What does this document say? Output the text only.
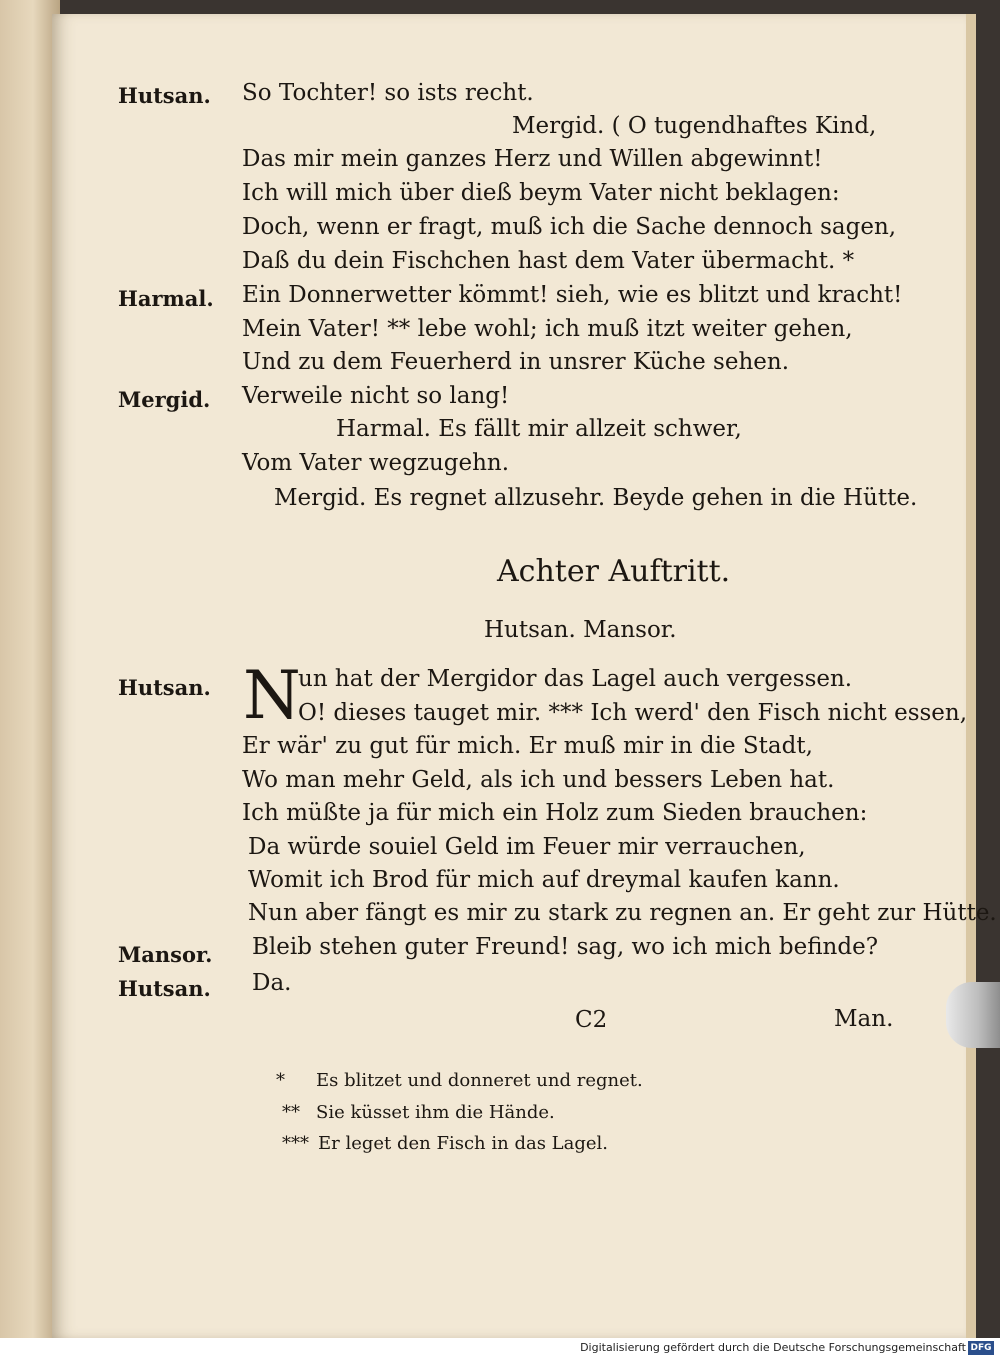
Hutsan. So Tochter! so ists recht.
Mergid. ( O tugendhaftes Kind,
Das mir mein ganzes Herz und Willen abgewinnt!
Ich will mich über dieß beym Vater nicht beklagen:
Doch, wenn er fragt, muß ich die Sache dennoch sagen,
Daß du dein Fischchen hast dem Vater übermacht. *
Harmal. Ein Donnerwetter kömmt! sieh, wie es blitzt und kracht!
Mein Vater! ** lebe wohl; ich muß itzt weiter gehen,
Und zu dem Feuerherd in unsrer Küche sehen.
Mergid. Verweile nicht so lang!
Harmal. Es fällt mir allzeit schwer,
Vom Vater wegzugehn.
Mergid. Es regnet allzusehr. Beyde gehen in die Hütte.
Achter Auftritt.
Hutsan. Mansor.
Hutsan. N
un hat der Mergidor das Lagel auch vergessen.
O! dieses tauget mir. *** Ich werd' den Fisch nicht essen,
Er wär' zu gut für mich. Er muß mir in die Stadt,
Wo man mehr Geld, als ich und bessers Leben hat.
Ich müßte ja für mich ein Holz zum Sieden brauchen:
Da würde souiel Geld im Feuer mir verrauchen,
Womit ich Brod für mich auf dreymal kaufen kann.
Nun aber fängt es mir zu stark zu regnen an. Er geht zur Hütte.
Mansor. Bleib stehen guter Freund! sag, wo ich mich befinde?
Hutsan. Da.
C2	Man.
* Es blitzet und donneret und regnet.
** Sie küsset ihm die Hände.
*** Er leget den Fisch in das Lagel.
Digitalisierung gefördert durch die Deutsche Forschungsgemeinschaft DFG
